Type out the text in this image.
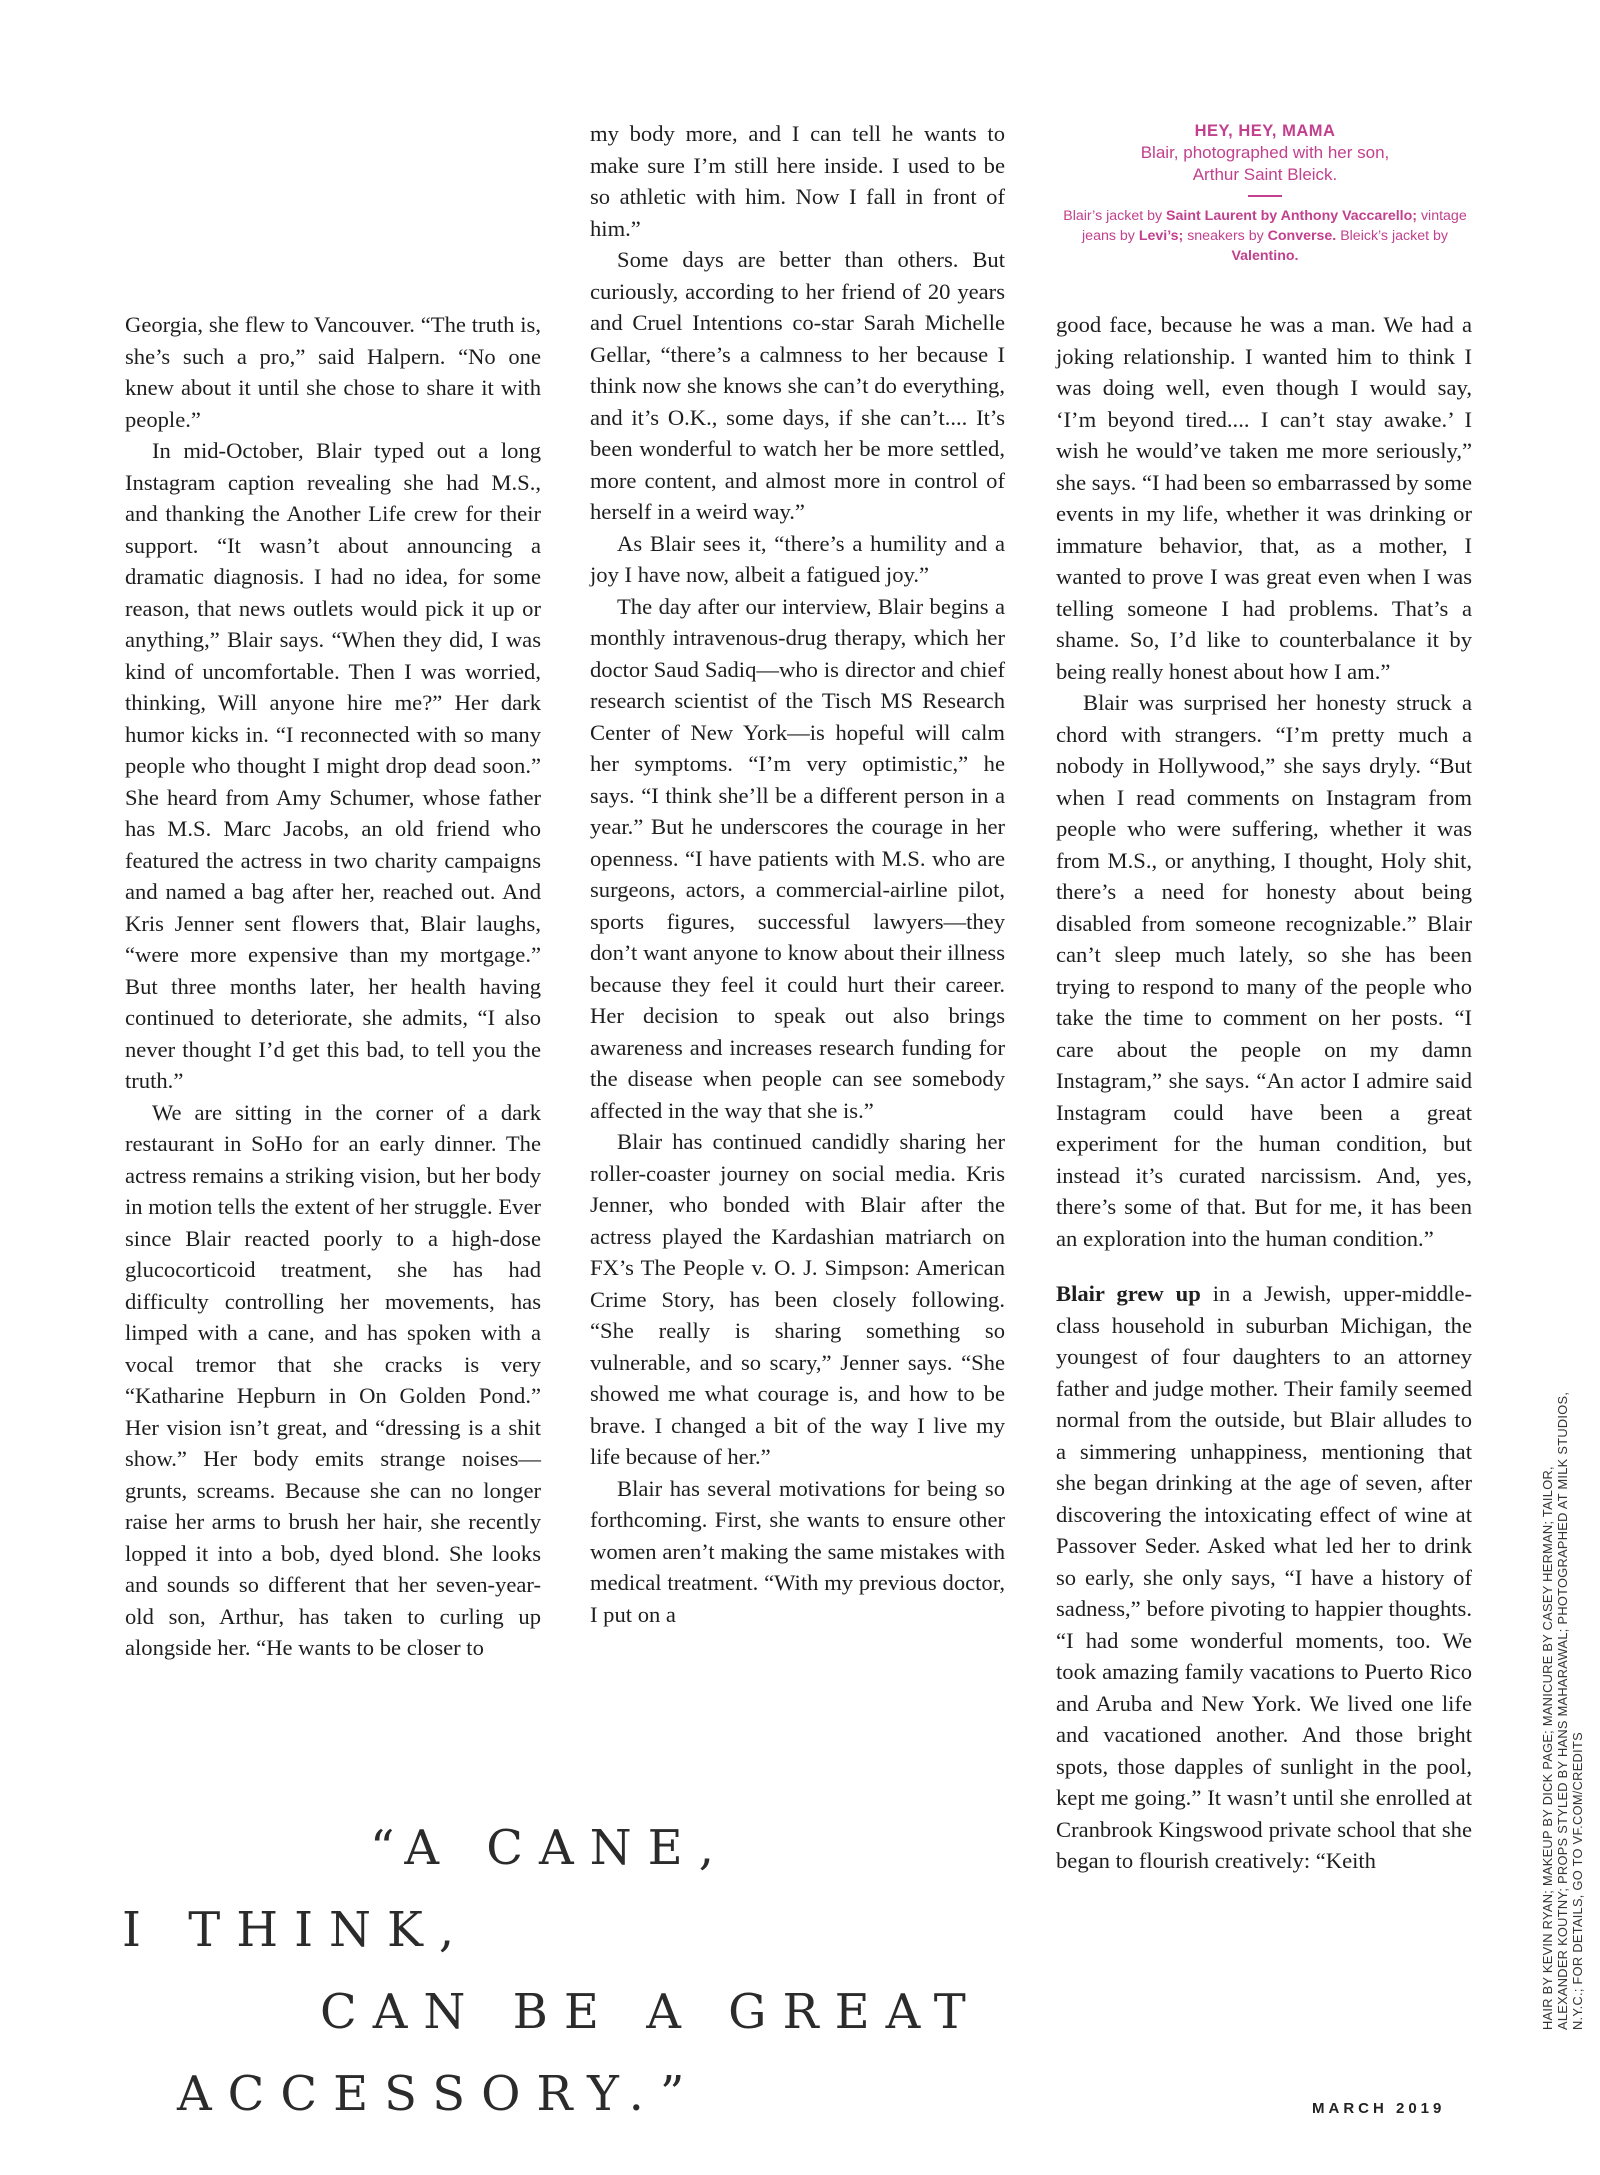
HEY, HEY, MAMA
Blair, photographed with her son,
Arthur Saint Bleick.
Blair’s jacket by Saint Laurent by Anthony Vaccarello; vintage jeans by Levi’s; sneakers by Converse. Bleick’s jacket by Valentino.

Georgia, she flew to Vancouver. “The truth is, she’s such a pro,” said Halpern. “No one knew about it until she chose to share it with people.”

In mid-October, Blair typed out a long Instagram caption revealing she had M.S., and thanking the Another Life crew for their support. “It wasn’t about announcing a dramatic diagnosis. I had no idea, for some reason, that news outlets would pick it up or anything,” Blair says. “When they did, I was kind of uncomfortable. Then I was worried, thinking, Will anyone hire me?” Her dark humor kicks in. “I reconnected with so many people who thought I might drop dead soon.” She heard from Amy Schumer, whose father has M.S. Marc Jacobs, an old friend who featured the actress in two charity campaigns and named a bag after her, reached out. And Kris Jenner sent flowers that, Blair laughs, “were more expensive than my mortgage.” But three months later, her health having continued to deteriorate, she admits, “I also never thought I’d get this bad, to tell you the truth.”

We are sitting in the corner of a dark restaurant in SoHo for an early dinner. The actress remains a striking vision, but her body in motion tells the extent of her struggle. Ever since Blair reacted poorly to a high-dose glucocorticoid treatment, she has had difficulty controlling her movements, has limped with a cane, and has spoken with a vocal tremor that she cracks is very “Katharine Hepburn in On Golden Pond.” Her vision isn’t great, and “dressing is a shit show.” Her body emits strange noises—grunts, screams. Because she can no longer raise her arms to brush her hair, she recently lopped it into a bob, dyed blond. She looks and sounds so different that her seven-year-old son, Arthur, has taken to curling up alongside her. “He wants to be closer to

my body more, and I can tell he wants to make sure I’m still here inside. I used to be so athletic with him. Now I fall in front of him.”

Some days are better than others. But curiously, according to her friend of 20 years and Cruel Intentions co-star Sarah Michelle Gellar, “there’s a calmness to her because I think now she knows she can’t do everything, and it’s O.K., some days, if she can’t.... It’s been wonderful to watch her be more settled, more content, and almost more in control of herself in a weird way.”

As Blair sees it, “there’s a humility and a joy I have now, albeit a fatigued joy.”

The day after our interview, Blair begins a monthly intravenous-drug therapy, which her doctor Saud Sadiq—who is director and chief research scientist of the Tisch MS Research Center of New York—is hopeful will calm her symptoms. “I’m very optimistic,” he says. “I think she’ll be a different person in a year.” But he underscores the courage in her openness. “I have patients with M.S. who are surgeons, actors, a commercial-airline pilot, sports figures, successful lawyers—they don’t want anyone to know about their illness because they feel it could hurt their career. Her decision to speak out also brings awareness and increases research funding for the disease when people can see somebody affected in the way that she is.”

Blair has continued candidly sharing her roller-coaster journey on social media. Kris Jenner, who bonded with Blair after the actress played the Kardashian matriarch on FX’s The People v. O. J. Simpson: American Crime Story, has been closely following. “She really is sharing something so vulnerable, and so scary,” Jenner says. “She showed me what courage is, and how to be brave. I changed a bit of the way I live my life because of her.”

Blair has several motivations for being so forthcoming. First, she wants to ensure other women aren’t making the same mistakes with medical treatment. “With my previous doctor, I put on a

good face, because he was a man. We had a joking relationship. I wanted him to think I was doing well, even though I would say, ‘I’m beyond tired.... I can’t stay awake.’ I wish he would’ve taken me more seriously,” she says. “I had been so embarrassed by some events in my life, whether it was drinking or immature behavior, that, as a mother, I wanted to prove I was great even when I was telling someone I had problems. That’s a shame. So, I’d like to counterbalance it by being really honest about how I am.”

Blair was surprised her honesty struck a chord with strangers. “I’m pretty much a nobody in Hollywood,” she says dryly. “But when I read comments on Instagram from people who were suffering, whether it was from M.S., or anything, I thought, Holy shit, there’s a need for honesty about being disabled from someone recognizable.” Blair can’t sleep much lately, so she has been trying to respond to many of the people who take the time to comment on her posts. “I care about the people on my damn Instagram,” she says. “An actor I admire said Instagram could have been a great experiment for the human condition, but instead it’s curated narcissism. And, yes, there’s some of that. But for me, it has been an exploration into the human condition.”

Blair grew up in a Jewish, upper-middle-class household in suburban Michigan, the youngest of four daughters to an attorney father and judge mother. Their family seemed normal from the outside, but Blair alludes to a simmering unhappiness, mentioning that she began drinking at the age of seven, after discovering the intoxicating effect of wine at Passover Seder. Asked what led her to drink so early, she only says, “I have a history of sadness,” before pivoting to happier thoughts. “I had some wonderful moments, too. We took amazing family vacations to Puerto Rico and Aruba and New York. We lived one life and vacationed another. And those bright spots, those dapples of sunlight in the pool, kept me going.” It wasn’t until she enrolled at Cranbrook Kingswood private school that she began to flourish creatively: “Keith

“A CANE,
I THINK,
CAN BE A GREAT
ACCESSORY.”
HAIR BY KEVIN RYAN; MAKEUP BY DICK PAGE; MANICURE BY CASEY HERMAN; TAILOR, ALEXANDER KOUTNY; PROPS STYLED BY HANS MAHARAWAL; PHOTOGRAPHED AT MILK STUDIOS, N.Y.C.; FOR DETAILS, GO TO VF.COM/CREDITS
MARCH 2019
